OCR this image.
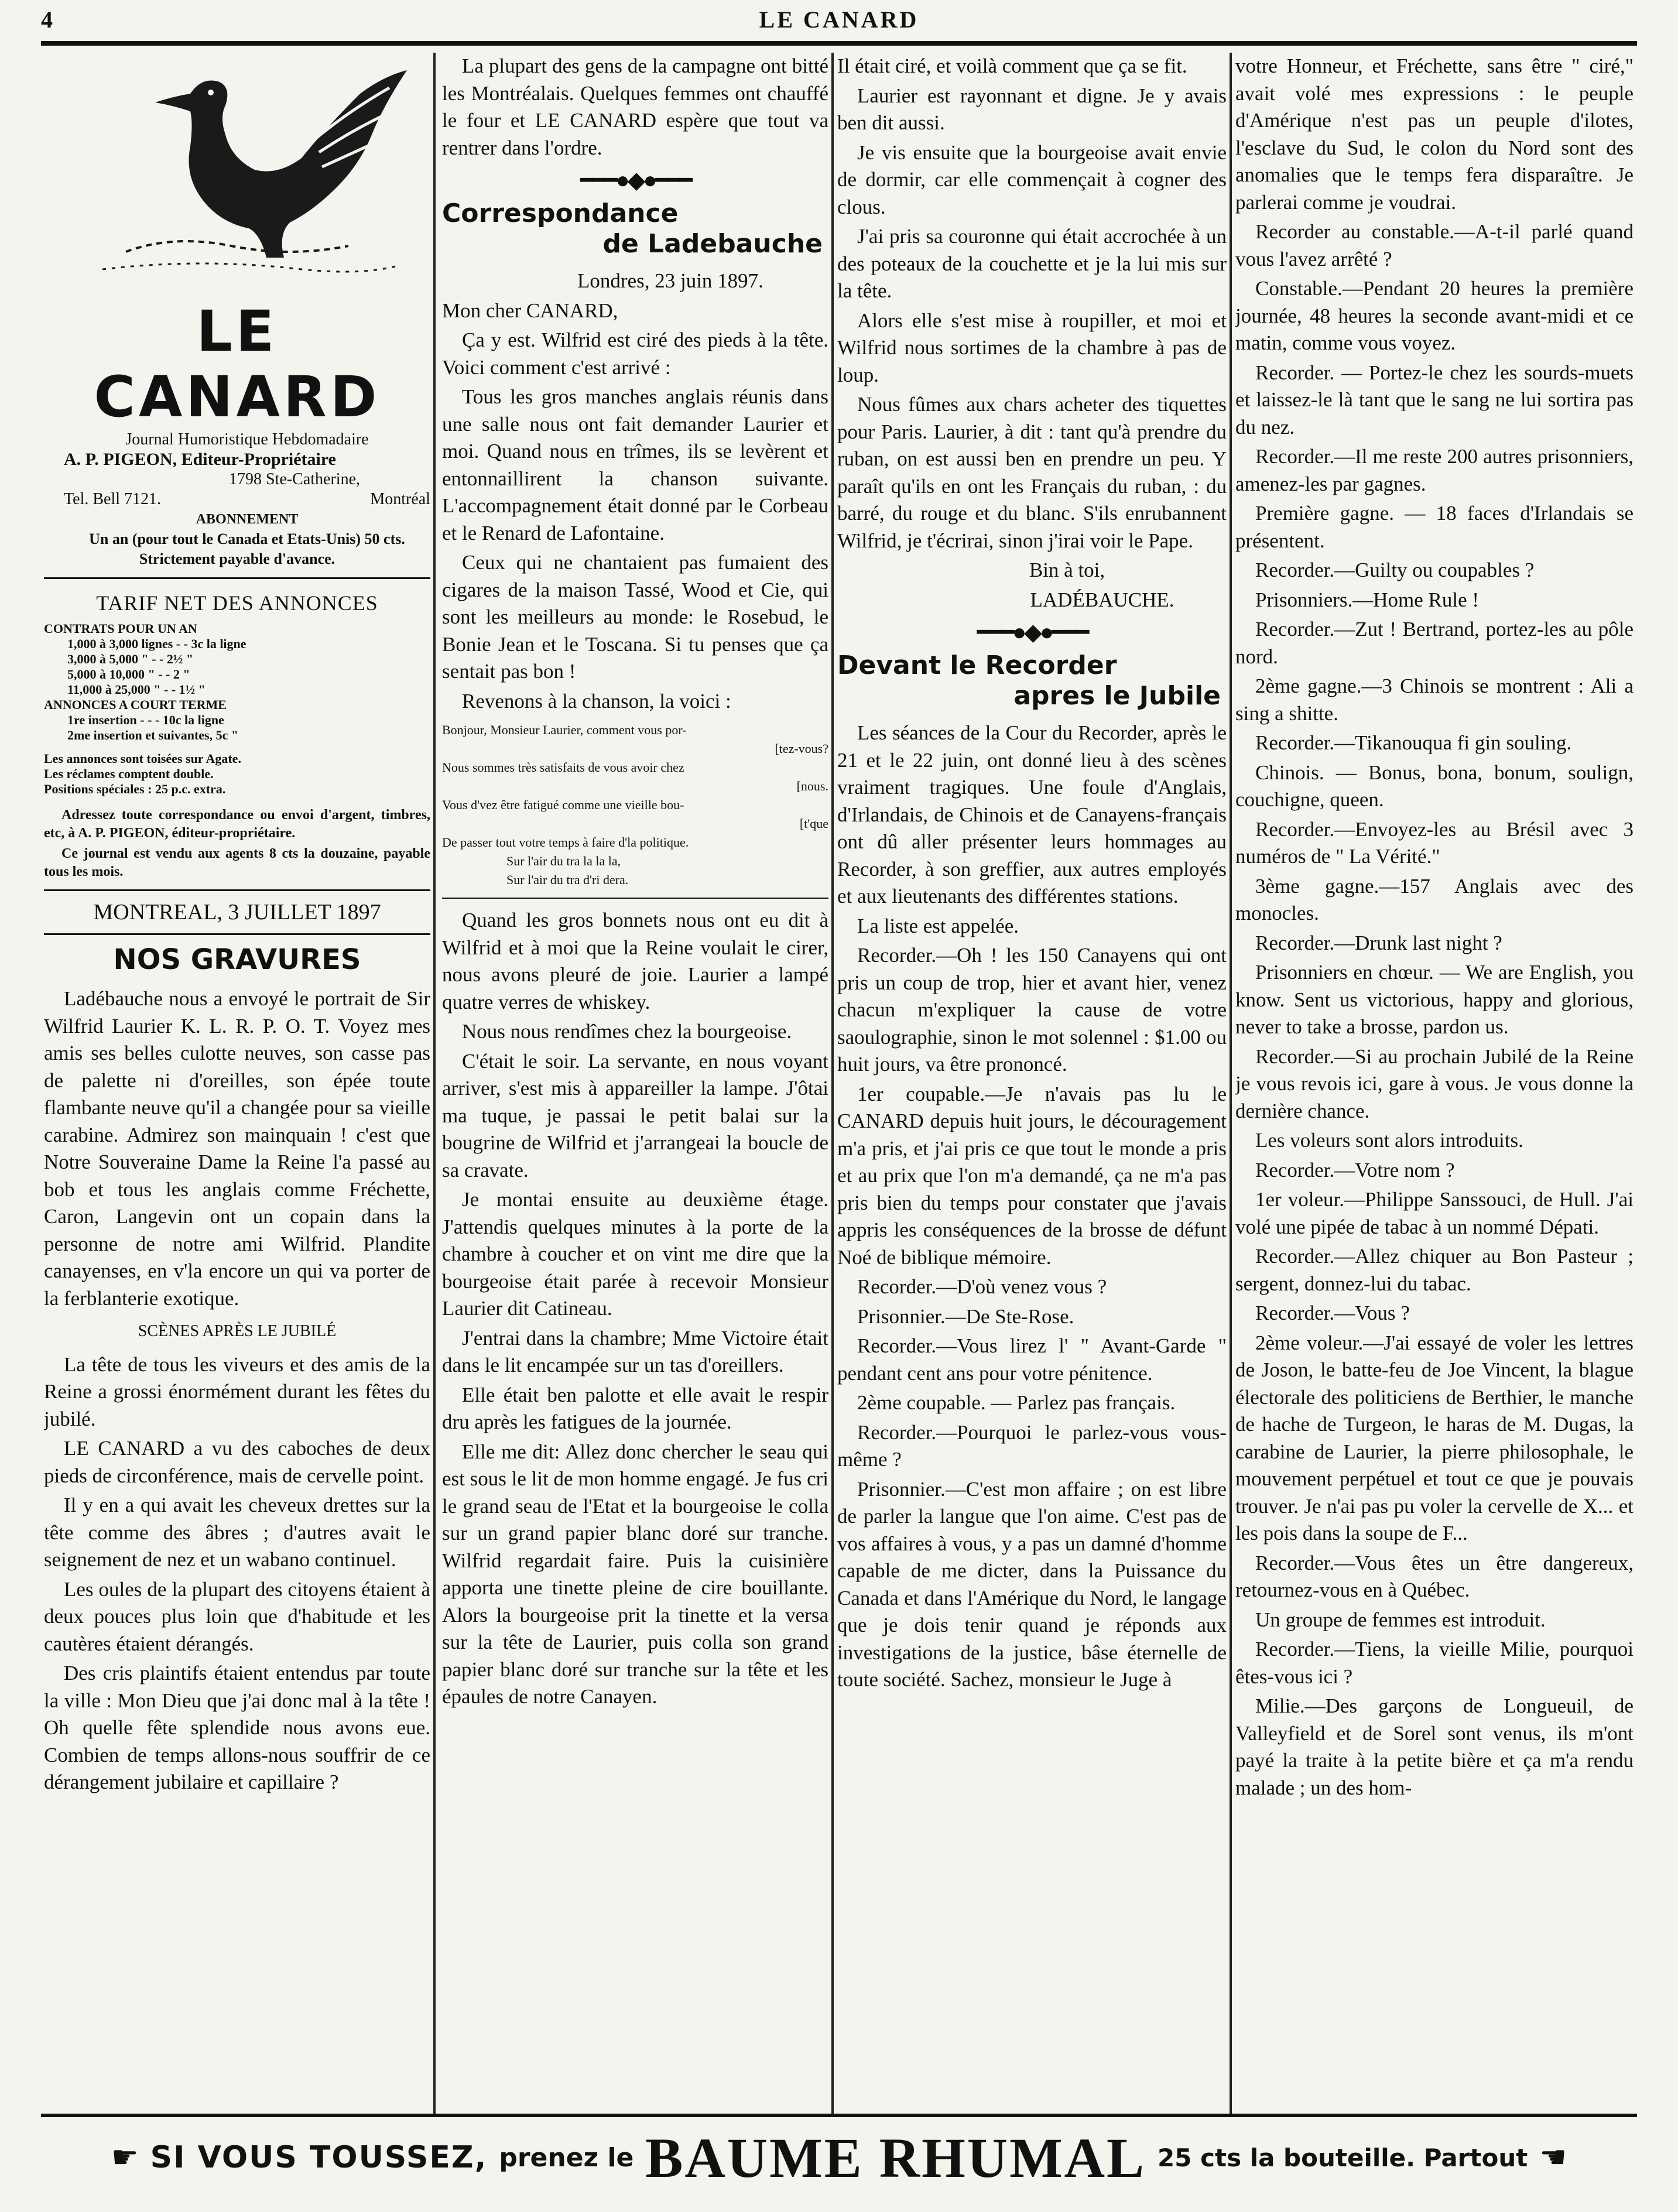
4	LE CANARD
LE CANARD

Journal Humoristique Hebdomadaire

A. P. PIGEON, Editeur-Propriétaire

1798 Ste-Catherine,

Tel. Bell 7121.	Montréal

ABONNEMENT

Un an (pour tout le Canada et Etats-Unis) 50 cts. Strictement payable d'avance.

TARIF NET DES ANNONCES
CONTRATS POUR UN AN
1,000 à 3,000 lignes - - 3c la ligne
3,000 à 5,000 " - - 2½ "
5,000 à 10,000 " - - 2 "
11,000 à 25,000 " - - 1½ "
ANNONCES A COURT TERME
1re insertion - - - 10c la ligne
2me insertion et suivantes, 5c "
Les annonces sont toisées sur Agate.
Les réclames comptent double.
Positions spéciales : 25 p.c. extra.

Adressez toute correspondance ou envoi d'argent, timbres, etc, à A. P. PIGEON, éditeur-propriétaire.

Ce journal est vendu aux agents 8 cts la douzaine, payable tous les mois.

MONTREAL, 3 JUILLET 1897
NOS GRAVURES

Ladébauche nous a envoyé le portrait de Sir Wilfrid Laurier K. L. R. P. O. T. Voyez mes amis ses belles culotte neuves, son casse pas de palette ni d'oreilles, son épée toute flambante neuve qu'il a changée pour sa vieille carabine. Admirez son mainquain ! c'est que Notre Souveraine Dame la Reine l'a passé au bob et tous les anglais comme Fréchette, Caron, Langevin ont un copain dans la personne de notre ami Wilfrid. Plandite canayenses, en v'la encore un qui va porter de la ferblanterie exotique.

SCÈNES APRÈS LE JUBILÉ

La tête de tous les viveurs et des amis de la Reine a grossi énormément durant les fêtes du jubilé.

LE CANARD a vu des caboches de deux pieds de circonférence, mais de cervelle point.

Il y en a qui avait les cheveux drettes sur la tête comme des âbres ; d'autres avait le seignement de nez et un wabano continuel.

Les oules de la plupart des citoyens étaient à deux pouces plus loin que d'habitude et les cautères étaient dérangés.

Des cris plaintifs étaient entendus par toute la ville : Mon Dieu que j'ai donc mal à la tête ! Oh quelle fête splendide nous avons eue. Combien de temps allons-nous souffrir de ce dérangement jubilaire et capillaire ?

La plupart des gens de la campagne ont bitté les Montréalais. Quelques femmes ont chauffé le four et LE CANARD espère que tout va rentrer dans l'ordre.

━━━●◆●━━━
Correspondance
de Ladebauche

Londres, 23 juin 1897.

Mon cher CANARD,

Ça y est. Wilfrid est ciré des pieds à la tête. Voici comment c'est arrivé :

Tous les gros manches anglais réunis dans une salle nous ont fait demander Laurier et moi. Quand nous en trîmes, ils se levèrent et entonnaillirent la chanson suivante. L'accompagnement était donné par le Corbeau et le Renard de Lafontaine.

Ceux qui ne chantaient pas fumaient des cigares de la maison Tassé, Wood et Cie, qui sont les meilleurs au monde: le Rosebud, le Bonie Jean et le Toscana. Si tu penses que ça sentait pas bon !

Revenons à la chanson, la voici :

Bonjour, Monsieur Laurier, comment vous por-
[tez-vous?
Nous sommes très satisfaits de vous avoir chez
[nous.
Vous d'vez être fatigué comme une vieille bou-
[t'que
De passer tout votre temps à faire d'la politique.
Sur l'air du tra la la la,
Sur l'air du tra d'ri dera.

Quand les gros bonnets nous ont eu dit à Wilfrid et à moi que la Reine voulait le cirer, nous avons pleuré de joie. Laurier a lampé quatre verres de whiskey.

Nous nous rendîmes chez la bourgeoise.

C'était le soir. La servante, en nous voyant arriver, s'est mis à appareiller la lampe. J'ôtai ma tuque, je passai le petit balai sur la bougrine de Wilfrid et j'arrangeai la boucle de sa cravate.

Je montai ensuite au deuxième étage. J'attendis quelques minutes à la porte de la chambre à coucher et on vint me dire que la bourgeoise était parée à recevoir Monsieur Laurier dit Catineau.

J'entrai dans la chambre; Mme Victoire était dans le lit encampée sur un tas d'oreillers.

Elle était ben palotte et elle avait le respir dru après les fatigues de la journée.

Elle me dit: Allez donc chercher le seau qui est sous le lit de mon homme engagé. Je fus cri le grand seau de l'Etat et la bourgeoise le colla sur un grand papier blanc doré sur tranche. Wilfrid regardait faire. Puis la cuisinière apporta une tinette pleine de cire bouillante. Alors la bourgeoise prit la tinette et la versa sur la tête de Laurier, puis colla son grand papier blanc doré sur tranche sur la tête et les épaules de notre Canayen.

Il était ciré, et voilà comment que ça se fit.

Laurier est rayonnant et digne. Je y avais ben dit aussi.

Je vis ensuite que la bourgeoise avait envie de dormir, car elle commençait à cogner des clous.

J'ai pris sa couronne qui était accrochée à un des poteaux de la couchette et je la lui mis sur la tête.

Alors elle s'est mise à roupiller, et moi et Wilfrid nous sortimes de la chambre à pas de loup.

Nous fûmes aux chars acheter des tiquettes pour Paris. Laurier, à dit : tant qu'à prendre du ruban, on est aussi ben en prendre un peu. Y paraît qu'ils en ont les Français du ruban, : du barré, du rouge et du blanc. S'ils enrubannent Wilfrid, je t'écrirai, sinon j'irai voir le Pape.

Bin à toi,

LADÉBAUCHE.

━━━●◆●━━━
Devant le Recorder
apres le Jubile

Les séances de la Cour du Recorder, après le 21 et le 22 juin, ont donné lieu à des scènes vraiment tragiques. Une foule d'Anglais, d'Irlandais, de Chinois et de Canayens-français ont dû aller présenter leurs hommages au Recorder, à son greffier, aux autres employés et aux lieutenants des différentes stations.

La liste est appelée.

Recorder.—Oh ! les 150 Canayens qui ont pris un coup de trop, hier et avant hier, venez chacun m'expliquer la cause de votre saoulographie, sinon le mot solennel : $1.00 ou huit jours, va être prononcé.

1er coupable.—Je n'avais pas lu le CANARD depuis huit jours, le découragement m'a pris, et j'ai pris ce que tout le monde a pris et au prix que l'on m'a demandé, ça ne m'a pas pris bien du temps pour constater que j'avais appris les conséquences de la brosse de défunt Noé de biblique mémoire.

Recorder.—D'où venez vous ?

Prisonnier.—De Ste-Rose.

Recorder.—Vous lirez l' " Avant-Garde " pendant cent ans pour votre pénitence.

2ème coupable. — Parlez pas français.

Recorder.—Pourquoi le parlez-vous vous-même ?

Prisonnier.—C'est mon affaire ; on est libre de parler la langue que l'on aime. C'est pas de vos affaires à vous, y a pas un damné d'homme capable de me dicter, dans la Puissance du Canada et dans l'Amérique du Nord, le langage que je dois tenir quand je réponds aux investigations de la justice, bâse éternelle de toute société. Sachez, monsieur le Juge à

votre Honneur, et Fréchette, sans être " ciré," avait volé mes expressions : le peuple d'Amérique n'est pas un peuple d'ilotes, l'esclave du Sud, le colon du Nord sont des anomalies que le temps fera disparaître. Je parlerai comme je voudrai.

Recorder au constable.—A-t-il parlé quand vous l'avez arrêté ?

Constable.—Pendant 20 heures la première journée, 48 heures la seconde avant-midi et ce matin, comme vous voyez.

Recorder. — Portez-le chez les sourds-muets et laissez-le là tant que le sang ne lui sortira pas du nez.

Recorder.—Il me reste 200 autres prisonniers, amenez-les par gagnes.

Première gagne. — 18 faces d'Irlandais se présentent.

Recorder.—Guilty ou coupables ?

Prisonniers.—Home Rule !

Recorder.—Zut ! Bertrand, portez-les au pôle nord.

2ème gagne.—3 Chinois se montrent : Ali a sing a shitte.

Recorder.—Tikanouqua fi gin souling.

Chinois. — Bonus, bona, bonum, soulign, couchigne, queen.

Recorder.—Envoyez-les au Brésil avec 3 numéros de " La Vérité."

3ème gagne.—157 Anglais avec des monocles.

Recorder.—Drunk last night ?

Prisonniers en chœur. — We are English, you know. Sent us victorious, happy and glorious, never to take a brosse, pardon us.

Recorder.—Si au prochain Jubilé de la Reine je vous revois ici, gare à vous. Je vous donne la dernière chance.

Les voleurs sont alors introduits.

Recorder.—Votre nom ?

1er voleur.—Philippe Sanssouci, de Hull. J'ai volé une pipée de tabac à un nommé Dépati.

Recorder.—Allez chiquer au Bon Pasteur ; sergent, donnez-lui du tabac.

Recorder.—Vous ?

2ème voleur.—J'ai essayé de voler les lettres de Joson, le batte-feu de Joe Vincent, la blague électorale des politiciens de Berthier, le manche de hache de Turgeon, le haras de M. Dugas, la carabine de Laurier, la pierre philosophale, le mouvement perpétuel et tout ce que je pouvais trouver. Je n'ai pas pu voler la cervelle de X... et les pois dans la soupe de F...

Recorder.—Vous êtes un être dangereux, retournez-vous en à Québec.

Un groupe de femmes est introduit.

Recorder.—Tiens, la vieille Milie, pourquoi êtes-vous ici ?

Milie.—Des garçons de Longueuil, de Valleyfield et de Sorel sont venus, ils m'ont payé la traite à la petite bière et ça m'a rendu malade ; un des hom-

☛ SI VOUS TOUSSEZ, prenez le BAUME RHUMAL 25 cts la bouteille. Partout ☚
